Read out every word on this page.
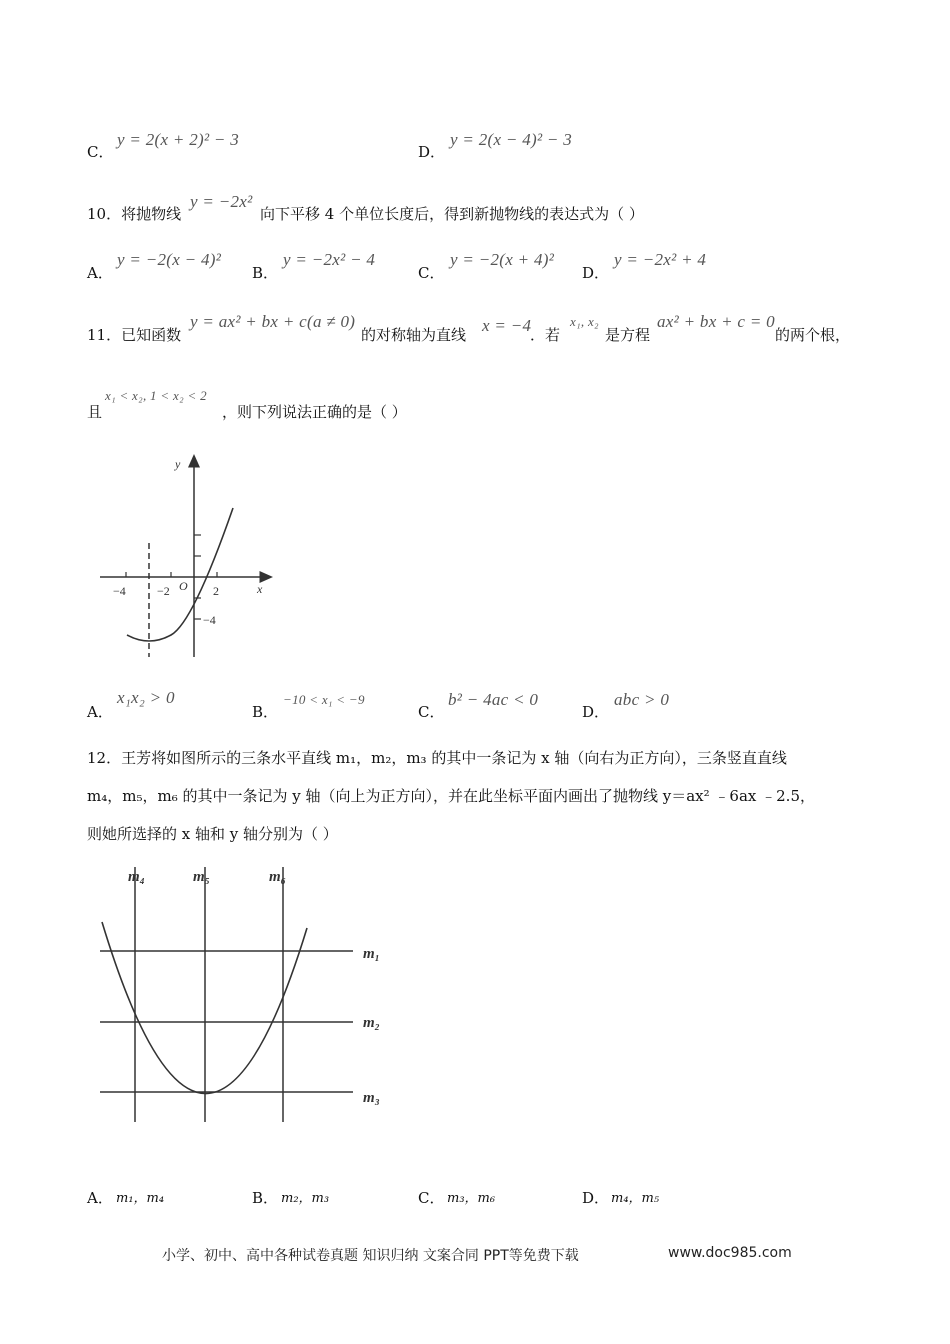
C．
y = 2(x + 2)² − 3
D．
y = 2(x − 4)² − 3
10．将抛物线
y = −2x²
向下平移 4 个单位长度后，得到新抛物线的表达式为（ ）
A．
y = −2(x − 4)²
B．
y = −2x² − 4
C．
y = −2(x + 4)²
D．
y = −2x² + 4
11．已知函数
y = ax² + bx + c(a ≠ 0)
的对称轴为直线 x = −4
．若
x₁, x₂
是方程
ax² + bx + c = 0
的两个根，
且
x₁ < x₂, 1 < x₂ < 2
，则下列说法正确的是（ ）
y
x
O
−4	−2	2
−4
A．
x₁x₂ > 0
B．
−10 < x₁ < −9
C．
b² − 4ac < 0
D．
abc > 0
12．王芳将如图所示的三条水平直线 m₁，m₂，m₃ 的其中一条记为 x 轴（向右为正方向），三条竖直直线
m₄，m₅，m₆ 的其中一条记为 y 轴（向上为正方向），并在此坐标平面内画出了抛物线 y＝ax² ﹣6ax ﹣2.5，
则她所选择的 x 轴和 y 轴分别为（ ）
m₄	m₅	m₆
m₁
m₂
m₃
A． m₁，m₄	B． m₂，m₃	C． m₃，m₆	D． m₄，m₅
小学、初中、高中各种试卷真题 知识归纳 文案合同 PPT等免费下载	www.doc985.com
